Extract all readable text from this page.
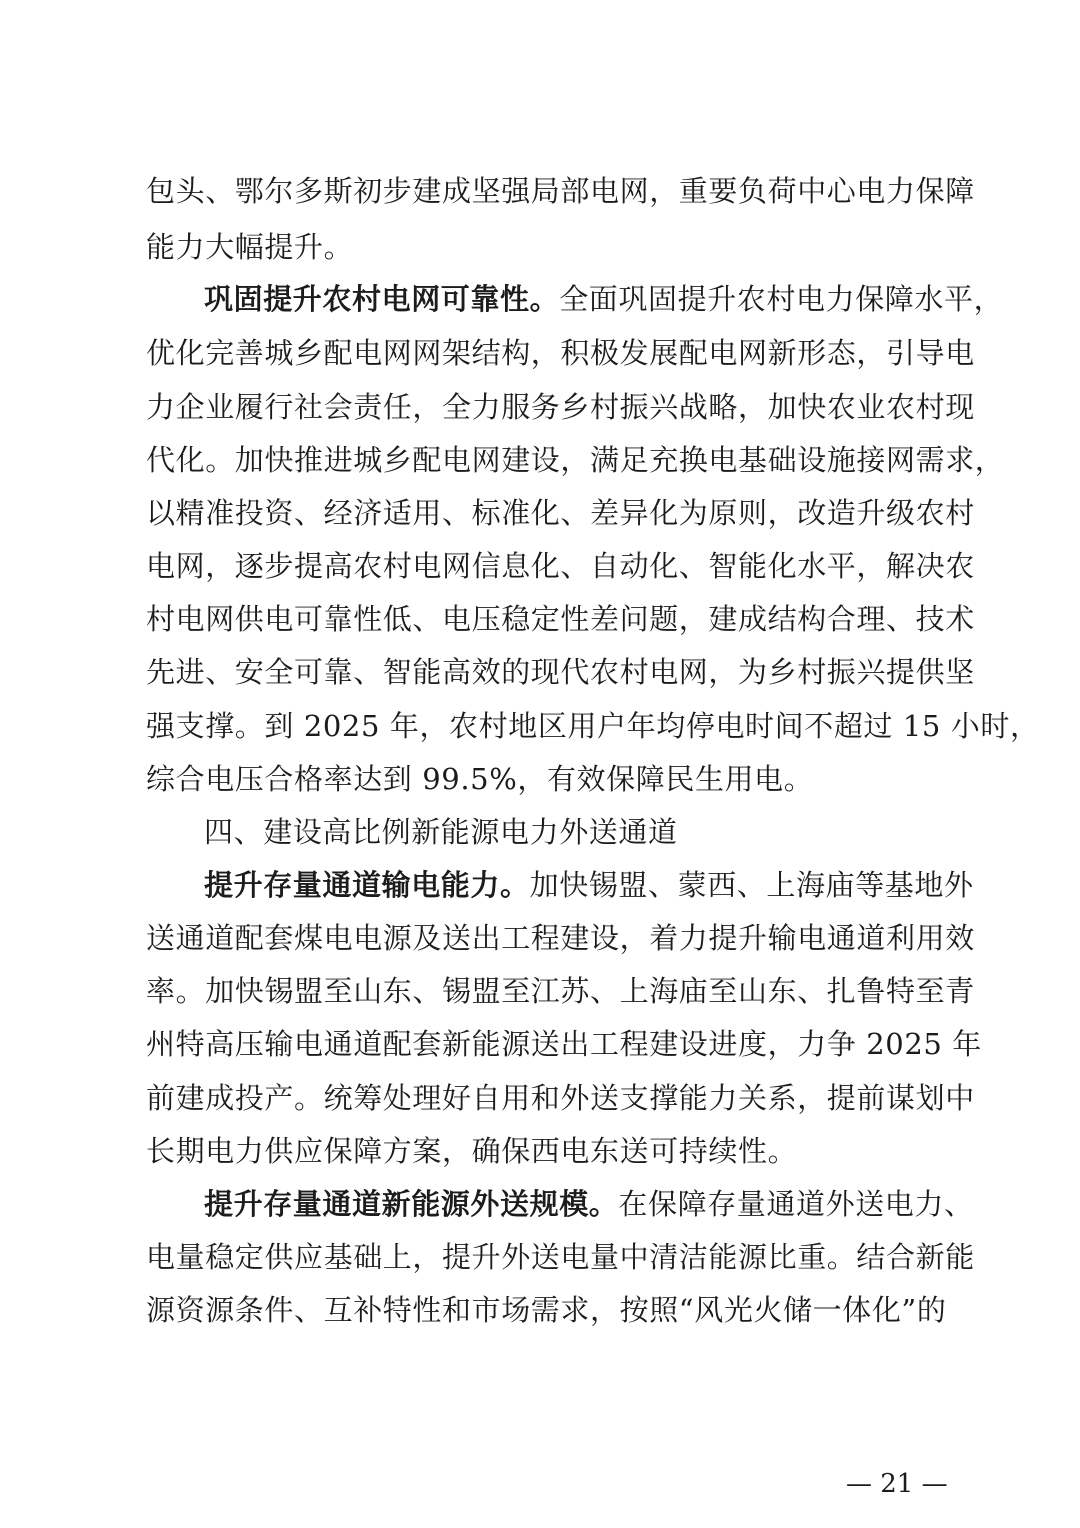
包头、鄂尔多斯初步建成坚强局部电网，重要负荷中心电力保障
能力大幅提升。
巩固提升农村电网可靠性。全面巩固提升农村电力保障水平，
优化完善城乡配电网网架结构，积极发展配电网新形态，引导电
力企业履行社会责任，全力服务乡村振兴战略，加快农业农村现
代化。加快推进城乡配电网建设，满足充换电基础设施接网需求，
以精准投资、经济适用、标准化、差异化为原则，改造升级农村
电网，逐步提高农村电网信息化、自动化、智能化水平，解决农
村电网供电可靠性低、电压稳定性差问题，建成结构合理、技术
先进、安全可靠、智能高效的现代农村电网，为乡村振兴提供坚
强支撑。到 2025 年，农村地区用户年均停电时间不超过 15 小时，
综合电压合格率达到 99.5%，有效保障民生用电。
四、建设高比例新能源电力外送通道
提升存量通道输电能力。加快锡盟、蒙西、上海庙等基地外
送通道配套煤电电源及送出工程建设，着力提升输电通道利用效
率。加快锡盟至山东、锡盟至江苏、上海庙至山东、扎鲁特至青
州特高压输电通道配套新能源送出工程建设进度，力争 2025 年
前建成投产。统筹处理好自用和外送支撑能力关系，提前谋划中
长期电力供应保障方案，确保西电东送可持续性。
提升存量通道新能源外送规模。在保障存量通道外送电力、
电量稳定供应基础上，提升外送电量中清洁能源比重。结合新能
源资源条件、互补特性和市场需求，按照“风光火储一体化”的
— 21 —
